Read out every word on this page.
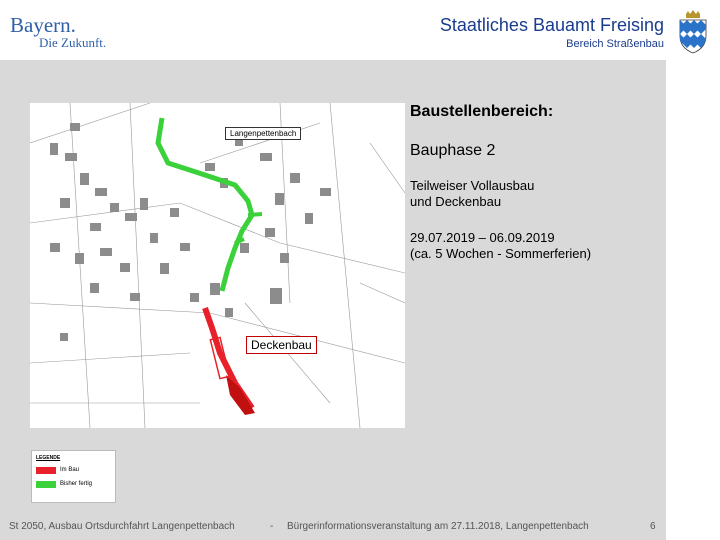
Bayern.
Die Zukunft.
Staatliches Bauamt Freising
Bereich Straßenbau
Langenpettenbach
Deckenbau
LEGENDE
Im Bau
Bisher fertig
Baustellenbereich:
Bauphase 2
Teilweiser Vollausbau
und Deckenbau
29.07.2019 – 06.09.2019
(ca. 5 Wochen - Sommerferien)
St 2050, Ausbau Ortsdurchfahrt Langenpettenbach	- Bürgerinformationsveranstaltung am 27.11.2018, Langenpettenbach	6
